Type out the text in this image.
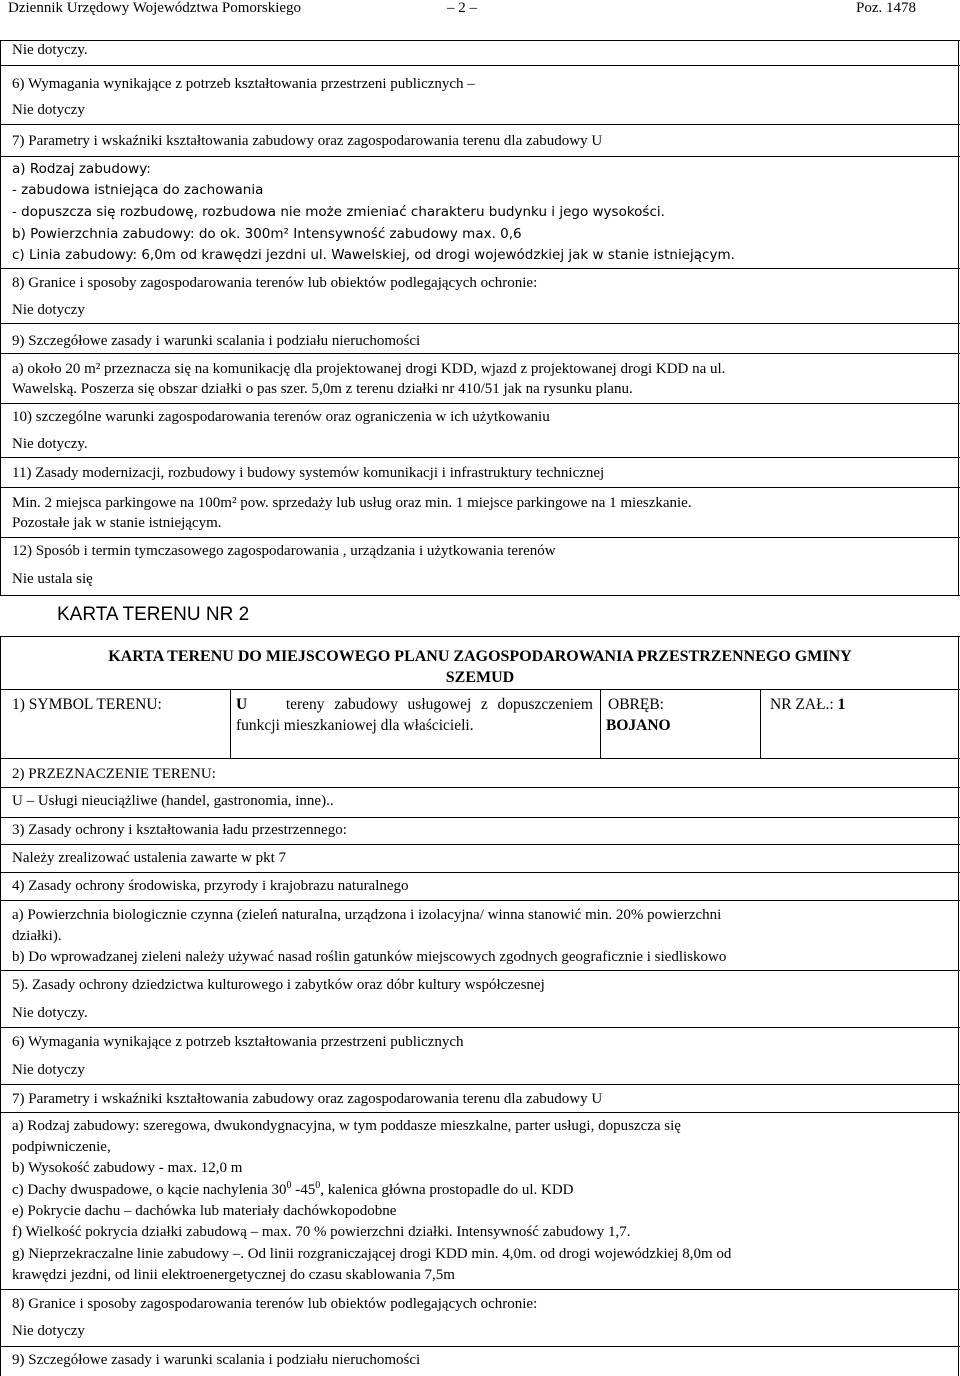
Dziennik Urzędowy Województwa Pomorskiego	– 2 –	Poz. 1478
Nie dotyczy.
6) Wymagania wynikające z potrzeb kształtowania przestrzeni publicznych –
Nie dotyczy
7) Parametry i wskaźniki kształtowania zabudowy oraz zagospodarowania terenu dla zabudowy U
a) Rodzaj zabudowy:
- zabudowa istniejąca do zachowania
- dopuszcza się rozbudowę, rozbudowa nie może zmieniać charakteru budynku i jego wysokości.
b) Powierzchnia zabudowy: do ok. 300m² Intensywność zabudowy max. 0,6
c) Linia zabudowy: 6,0m od krawędzi jezdni ul. Wawelskiej, od drogi wojewódzkiej jak w stanie istniejącym.
8) Granice i sposoby zagospodarowania terenów lub obiektów podlegających ochronie:
Nie dotyczy
9) Szczegółowe zasady i warunki scalania i podziału nieruchomości
a) około 20 m² przeznacza się na komunikację dla projektowanej drogi KDD, wjazd z projektowanej drogi KDD na ul.
Wawelską. Poszerza się obszar działki o pas szer. 5,0m z terenu działki nr 410/51 jak na rysunku planu.
10) szczególne warunki zagospodarowania terenów oraz ograniczenia w ich użytkowaniu
Nie dotyczy.
11) Zasady modernizacji, rozbudowy i budowy systemów komunikacji i infrastruktury technicznej
Min. 2 miejsca parkingowe na 100m² pow. sprzedaży lub usług oraz min. 1 miejsce parkingowe na 1 mieszkanie.
Pozostałe jak w stanie istniejącym.
12) Sposób i termin tymczasowego zagospodarowania , urządzania i użytkowania terenów
Nie ustala się
KARTA TERENU NR 2
KARTA TERENU DO MIEJSCOWEGO PLANU ZAGOSPODAROWANIA PRZESTRZENNEGO GMINY
SZEMUD
1) SYMBOL TERENU:	U tereny zabudowy usługowej z dopuszczeniem funkcji mieszkaniowej dla właścicieli.
OBRĘB:
BOJANO
NR ZAŁ.: 1
2) PRZEZNACZENIE TERENU:
U – Usługi nieuciążliwe (handel, gastronomia, inne)..
3) Zasady ochrony i kształtowania ładu przestrzennego:
Należy zrealizować ustalenia zawarte w pkt 7
4) Zasady ochrony środowiska, przyrody i krajobrazu naturalnego
a) Powierzchnia biologicznie czynna (zieleń naturalna, urządzona i izolacyjna/ winna stanowić min. 20% powierzchni
działki).
b) Do wprowadzanej zieleni należy używać nasad roślin gatunków miejscowych zgodnych geograficznie i siedliskowo
5). Zasady ochrony dziedzictwa kulturowego i zabytków oraz dóbr kultury współczesnej
Nie dotyczy.
6) Wymagania wynikające z potrzeb kształtowania przestrzeni publicznych
Nie dotyczy
7) Parametry i wskaźniki kształtowania zabudowy oraz zagospodarowania terenu dla zabudowy U
a) Rodzaj zabudowy: szeregowa, dwukondygnacyjna, w tym poddasze mieszkalne, parter usługi, dopuszcza się
podpiwniczenie,
b) Wysokość zabudowy - max. 12,0 m
c) Dachy dwuspadowe, o kącie nachylenia $30^0$ $-45^0$, kalenica główna prostopadle do ul. KDD
e) Pokrycie dachu – dachówka lub materiały dachówkopodobne
f) Wielkość pokrycia działki zabudową – max. 70 % powierzchni działki. Intensywność zabudowy 1,7.
g) Nieprzekraczalne linie zabudowy –. Od linii rozgraniczającej drogi KDD min. 4,0m. od drogi wojewódzkiej 8,0m od
krawędzi jezdni, od linii elektroenergetycznej do czasu skablowania 7,5m
8) Granice i sposoby zagospodarowania terenów lub obiektów podlegających ochronie:
Nie dotyczy
9) Szczegółowe zasady i warunki scalania i podziału nieruchomości
